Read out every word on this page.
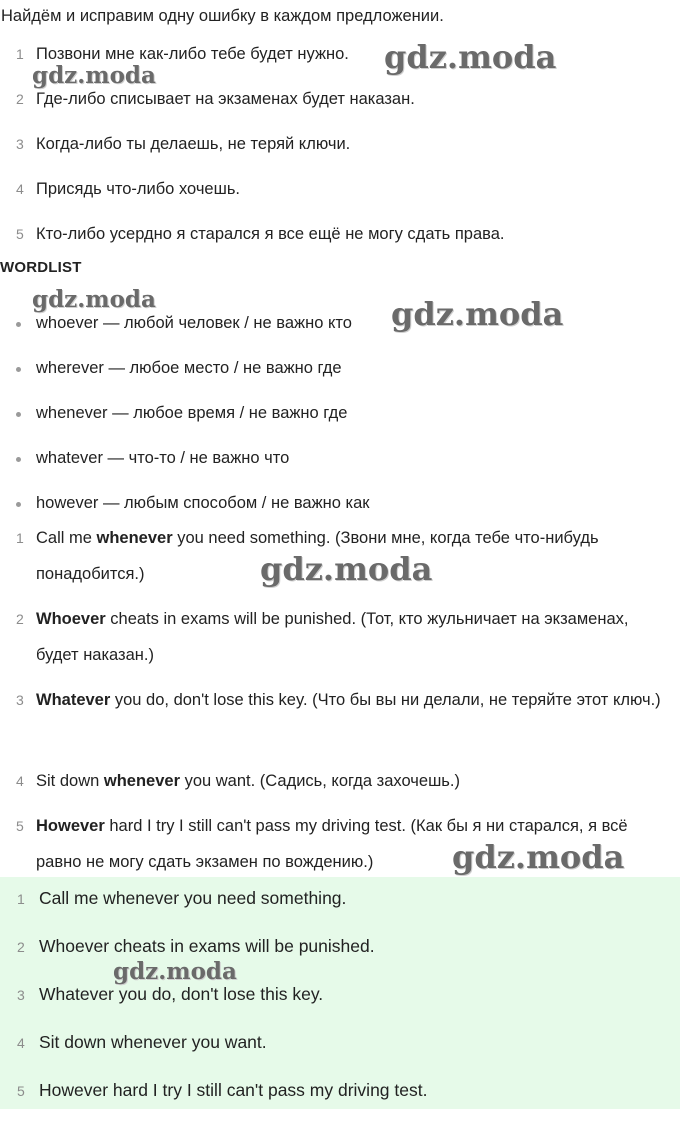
Найдём и исправим одну ошибку в каждом предложении.
1 Позвони мне как-либо тебе будет нужно.
2 Где-либо списывает на экзаменах будет наказан.
3 Когда-либо ты делаешь, не теряй ключи.
4 Присядь что-либо хочешь.
5 Кто-либо усердно я старался я все ещё не могу сдать права.
WORDLIST
whoever — любой человек / не важно кто
wherever — любое место / не важно где
whenever — любое время / не важно где
whatever — что-то / не важно что
however — любым способом / не важно как
1 Call me whenever you need something. (Звони мне, когда тебе что-нибудь понадобится.)
2 Whoever cheats in exams will be punished. (Тот, кто жульничает на экзаменах, будет наказан.)
3 Whatever you do, don't lose this key. (Что бы вы ни делали, не теряйте этот ключ.)
4 Sit down whenever you want. (Садись, когда захочешь.)
5 However hard I try I still can't pass my driving test. (Как бы я ни старался, я всё равно не могу сдать экзамен по вождению.)
1 Call me whenever you need something.
2 Whoever cheats in exams will be punished.
3 Whatever you do, don't lose this key.
4 Sit down whenever you want.
5 However hard I try I still can't pass my driving test.
gdz.moda
gdz.moda
gdz.moda	gdz.moda
gdz.moda
gdz.moda
gdz.moda
